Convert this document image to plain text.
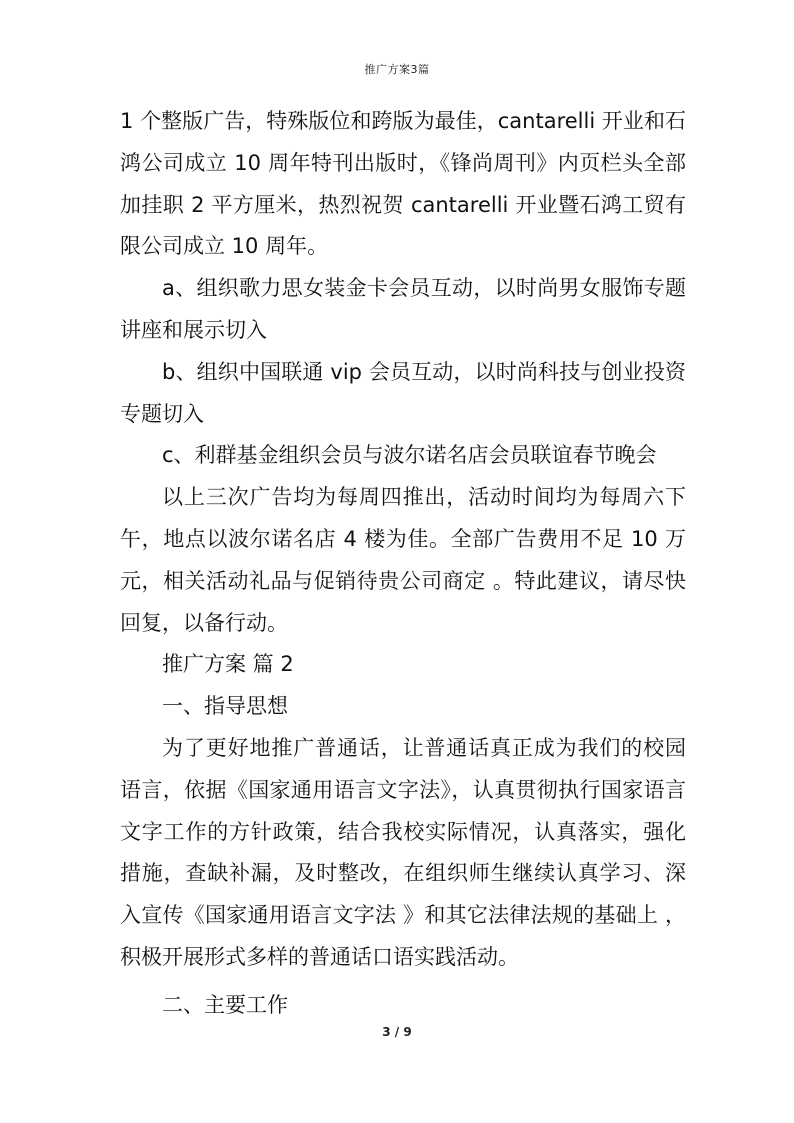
推广方案3篇

1 个整版广告，特殊版位和跨版为最佳，cantarelli 开业和石鸿公司成立 10 周年特刊出版时，《锋尚周刊》内页栏头全部加挂职 2 平方厘米，热烈祝贺 cantarelli 开业暨石鸿工贸有限公司成立 10 周年。

a、组织歌力思女装金卡会员互动，以时尚男女服饰专题讲座和展示切入

b、组织中国联通 vip 会员互动，以时尚科技与创业投资专题切入

c、利群基金组织会员与波尔诺名店会员联谊春节晚会

以上三次广告均为每周四推出，活动时间均为每周六下午，地点以波尔诺名店 4 楼为佳。全部广告费用不足 10 万元，相关活动礼品与促销待贵公司商定 。特此建议，请尽快回复，以备行动。

推广方案 篇 2

一、指导思想

为了更好地推广普通话，让普通话真正成为我们的校园语言，依据《国家通用语言文字法》，认真贯彻执行国家语言文字工作的方针政策，结合我校实际情况，认真落实，强化措施，查缺补漏，及时整改，在组织师生继续认真学习、深入宣传《国家通用语言文字法 》和其它法律法规的基础上 ，积极开展形式多样的普通话口语实践活动。

二、主要工作

3 / 9
